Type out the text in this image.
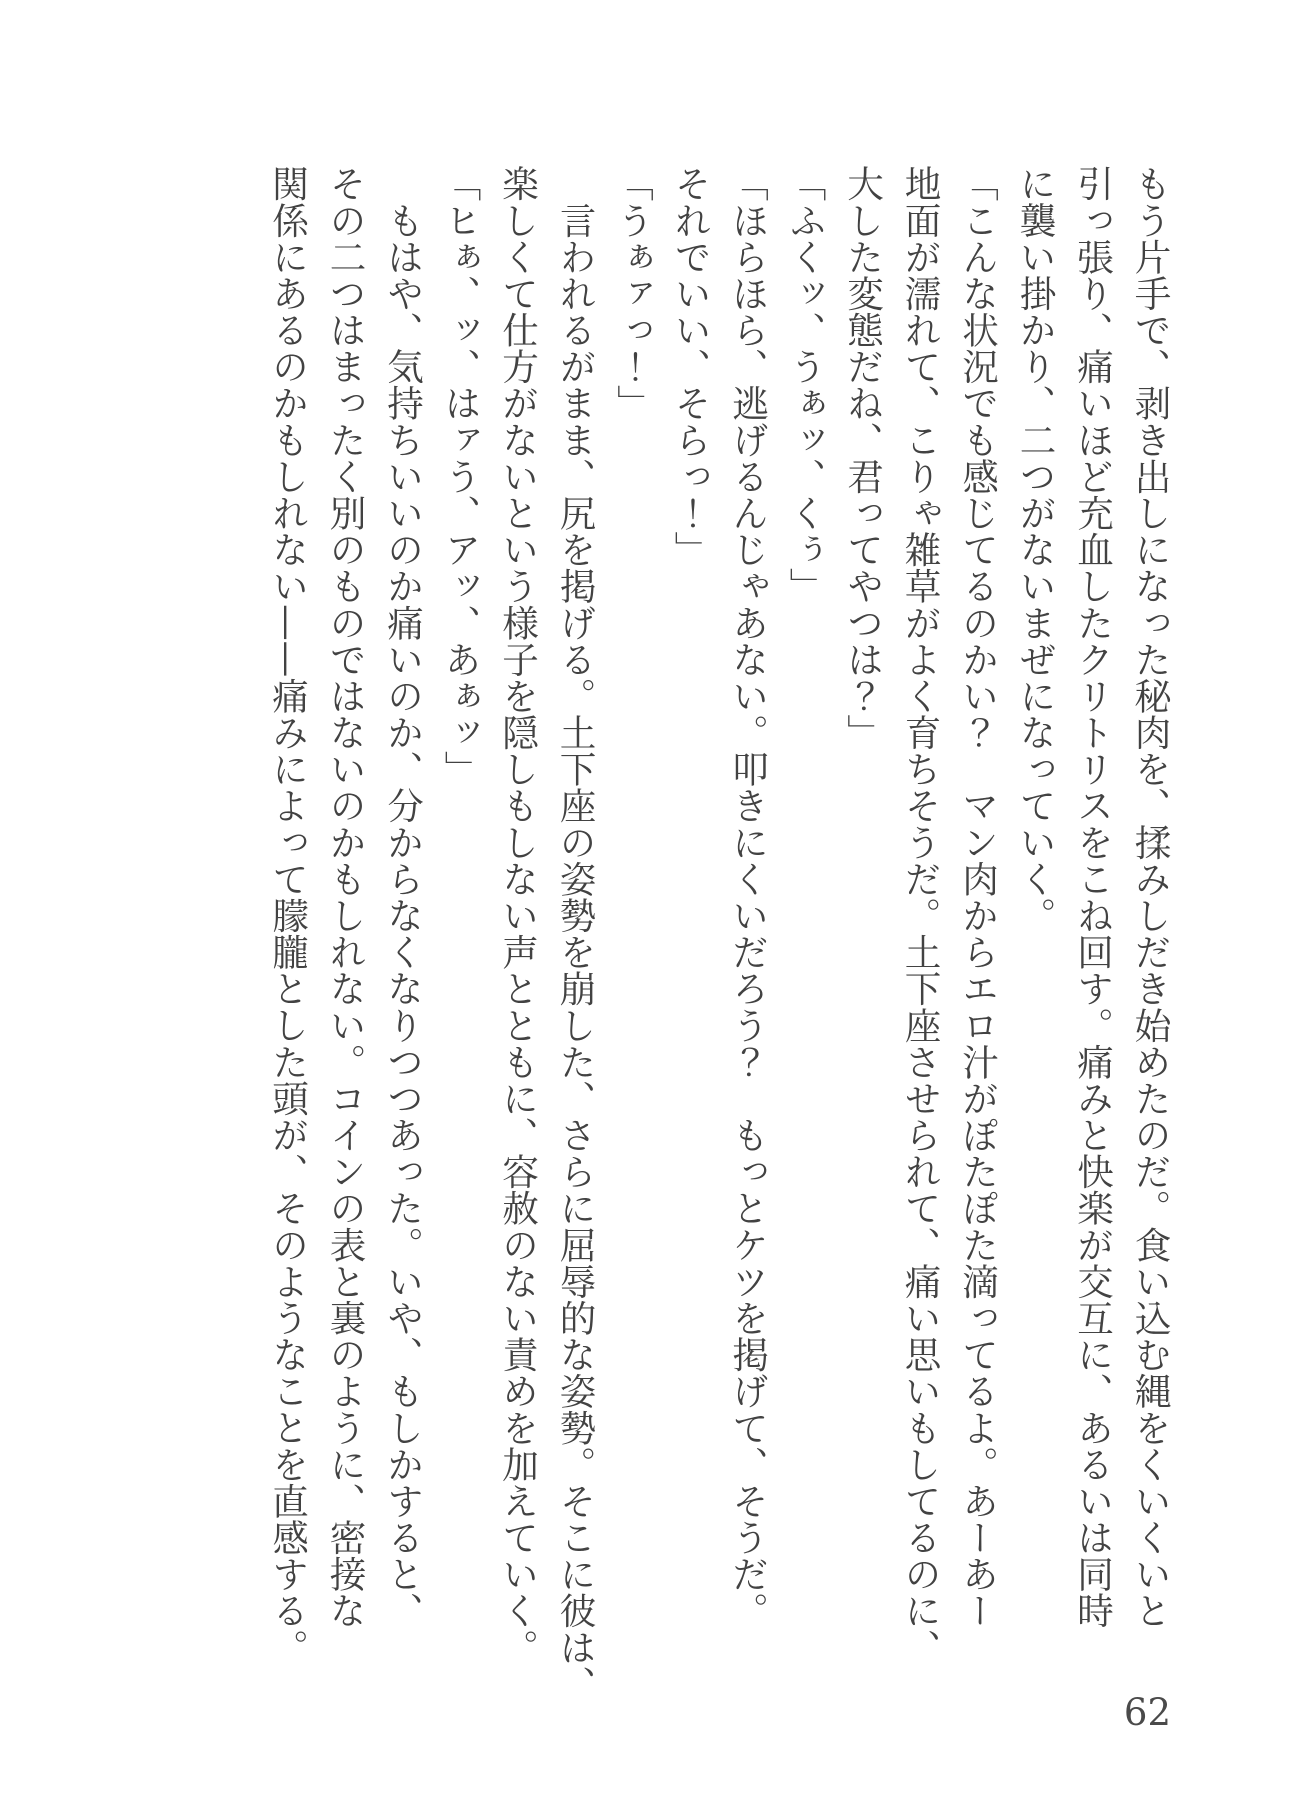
もう片手で、剥き出しになった秘肉を、揉みしだき始めたのだ。食い込む縄をくいくいと
引っ張り、痛いほど充血したクリトリスをこね回す。痛みと快楽が交互に、あるいは同時
に襲い掛かり、二つがないまぜになっていく。
「こんな状況でも感じてるのかい？　マン肉からエロ汁がぽたぽた滴ってるよ。あーあー
地面が濡れて、こりゃ雑草がよく育ちそうだ。土下座させられて、痛い思いもしてるのに、
大した変態だね、君ってやつは？」
「ふくッ、うぁッ、くぅ」
「ほらほら、逃げるんじゃあない。叩きにくいだろう？　もっとケツを掲げて、そうだ。
それでいい、そらっ！」
「うぁァっ！」
　言われるがまま、尻を掲げる。土下座の姿勢を崩した、さらに屈辱的な姿勢。そこに彼は、
楽しくて仕方がないという様子を隠しもしない声とともに、容赦のない責めを加えていく。
「ヒぁ、ッ、はァう、アッ、あぁッ」
　もはや、気持ちいいのか痛いのか、分からなくなりつつあった。いや、もしかすると、
その二つはまったく別のものではないのかもしれない。コインの表と裏のように、密接な
関係にあるのかもしれない——痛みによって朦朧とした頭が、そのようなことを直感する。
62
